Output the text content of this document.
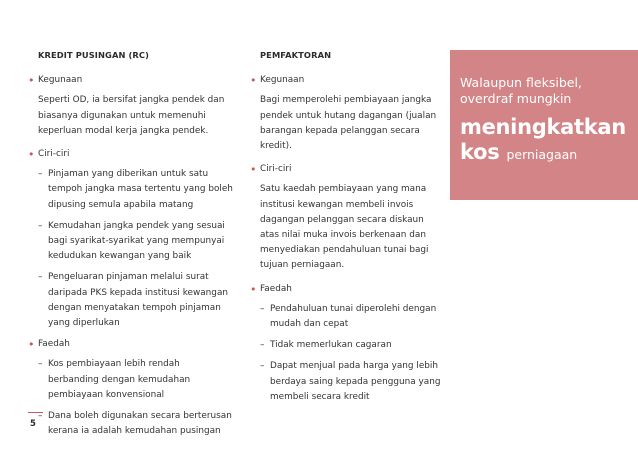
KREDIT PUSINGAN (RC)
• Kegunaan
Seperti OD, ia bersifat jangka pendek dan biasanya digunakan untuk memenuhi keperluan modal kerja jangka pendek.
• Ciri-ciri
– Pinjaman yang diberikan untuk satu tempoh jangka masa tertentu yang boleh dipusing semula apabila matang
– Kemudahan jangka pendek yang sesuai bagi syarikat-syarikat yang mempunyai kedudukan kewangan yang baik
– Pengeluaran pinjaman melalui surat daripada PKS kepada institusi kewangan dengan menyatakan tempoh pinjaman yang diperlukan
• Faedah
– Kos pembiayaan lebih rendah berbanding dengan kemudahan pembiayaan konvensional
– Dana boleh digunakan secara berterusan kerana ia adalah kemudahan pusingan
PEMFAKTORAN
• Kegunaan
Bagi memperolehi pembiayaan jangka pendek untuk hutang dagangan (jualan barangan kepada pelanggan secara kredit).
• Ciri-ciri
Satu kaedah pembiayaan yang mana institusi kewangan membeli invois dagangan pelanggan secara diskaun atas nilai muka invois berkenaan dan menyediakan pendahuluan tunai bagi tujuan perniagaan.
• Faedah
– Pendahuluan tunai diperolehi dengan mudah dan cepat
– Tidak memerlukan cagaran
– Dapat menjual pada harga yang lebih berdaya saing kepada pengguna yang membeli secara kredit
Walaupun fleksibel,
overdraf mungkin
meningkatkan
kos perniagaan
5
